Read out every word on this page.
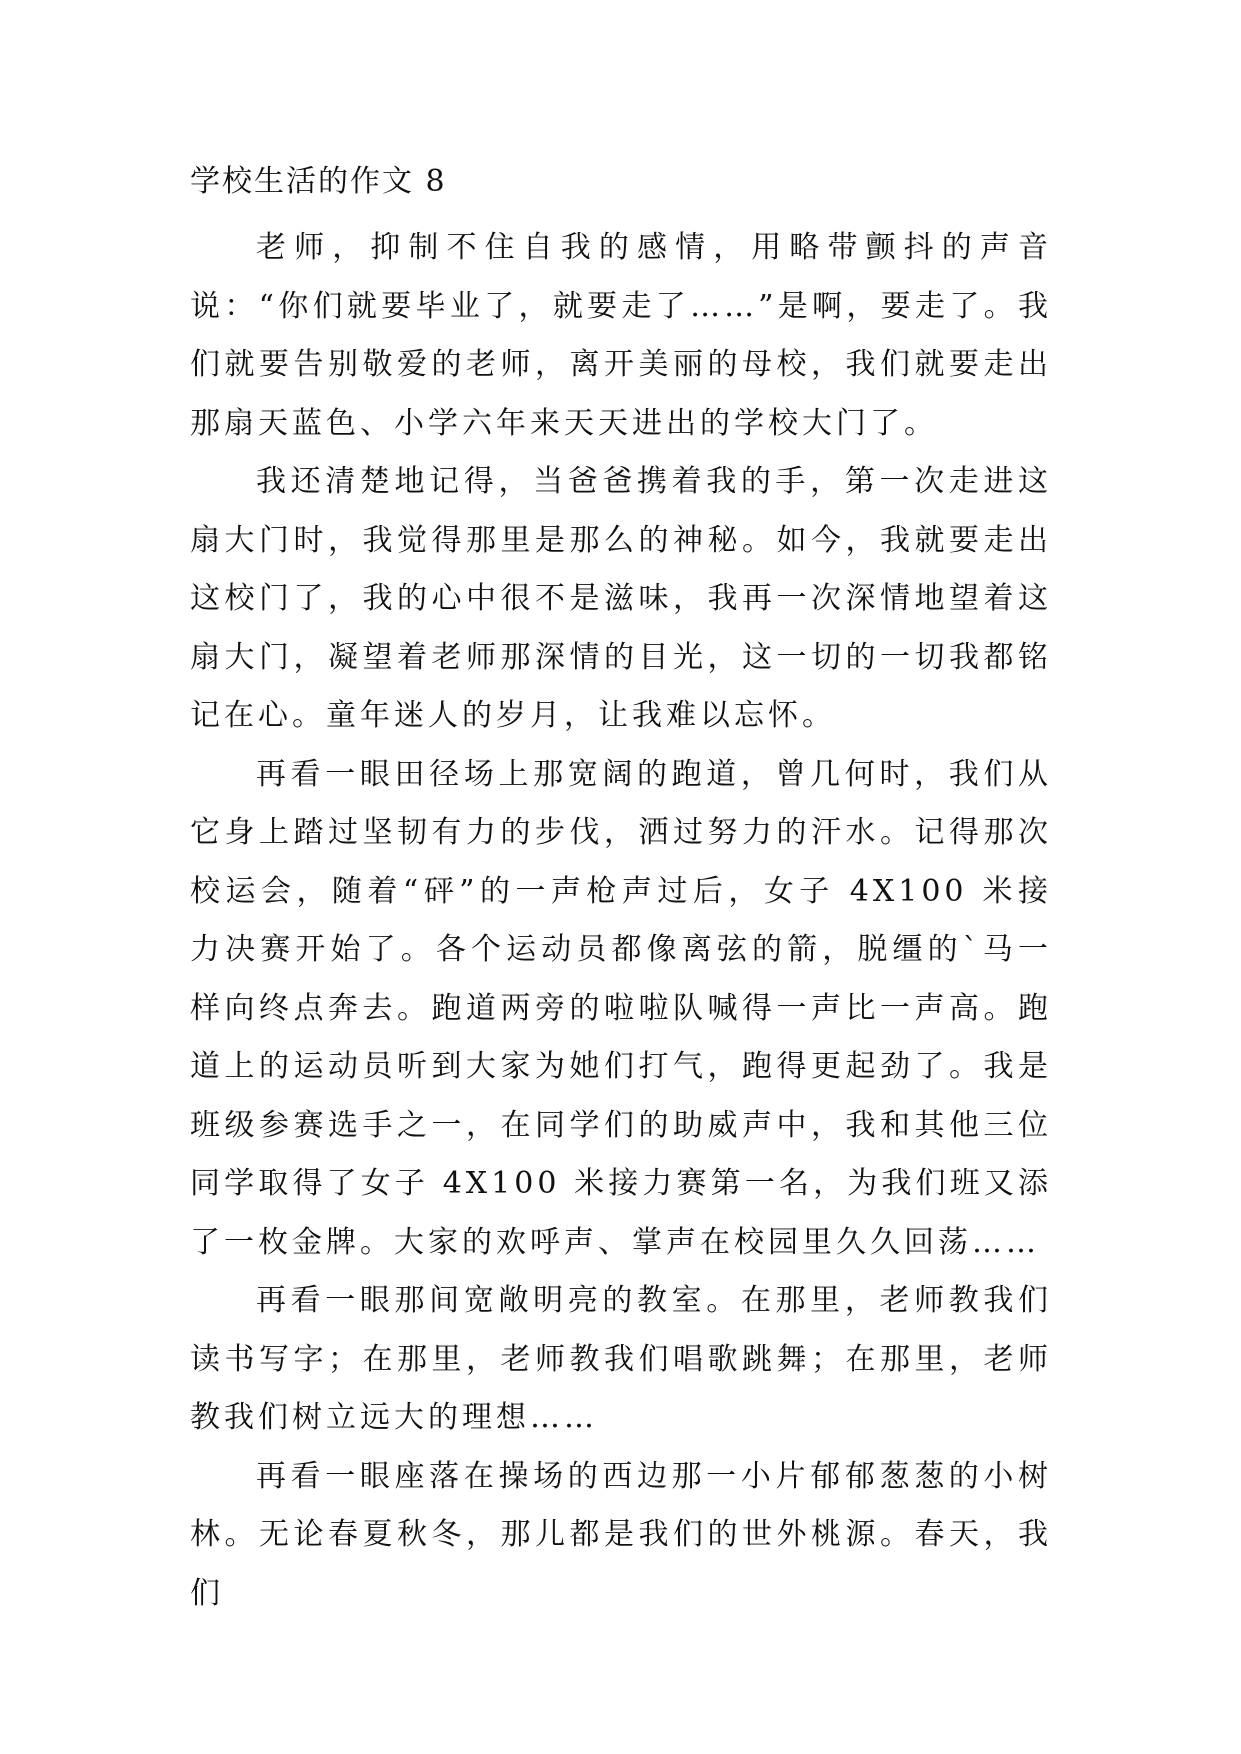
学校生活的作文 8

老师，抑制不住自我的感情，用略带颤抖的声音说：“你们就要毕业了，就要走了……”是啊，要走了。我们就要告别敬爱的老师，离开美丽的母校，我们就要走出那扇天蓝色、小学六年来天天进出的学校大门了。

我还清楚地记得，当爸爸携着我的手，第一次走进这扇大门时，我觉得那里是那么的神秘。如今，我就要走出这校门了，我的心中很不是滋味，我再一次深情地望着这扇大门，凝望着老师那深情的目光，这一切的一切我都铭记在心。童年迷人的岁月，让我难以忘怀。

再看一眼田径场上那宽阔的跑道，曾几何时，我们从它身上踏过坚韧有力的步伐，洒过努力的汗水。记得那次校运会，随着“砰”的一声枪声过后，女子 4X100 米接力决赛开始了。各个运动员都像离弦的箭，脱缰的`马一样向终点奔去。跑道两旁的啦啦队喊得一声比一声高。跑道上的运动员听到大家为她们打气，跑得更起劲了。我是班级参赛选手之一，在同学们的助威声中，我和其他三位同学取得了女子 4X100 米接力赛第一名，为我们班又添了一枚金牌。大家的欢呼声、掌声在校园里久久回荡……

再看一眼那间宽敞明亮的教室。在那里，老师教我们读书写字；在那里，老师教我们唱歌跳舞；在那里，老师教我们树立远大的理想……

再看一眼座落在操场的西边那一小片郁郁葱葱的小树林。无论春夏秋冬，那儿都是我们的世外桃源。春天，我们
